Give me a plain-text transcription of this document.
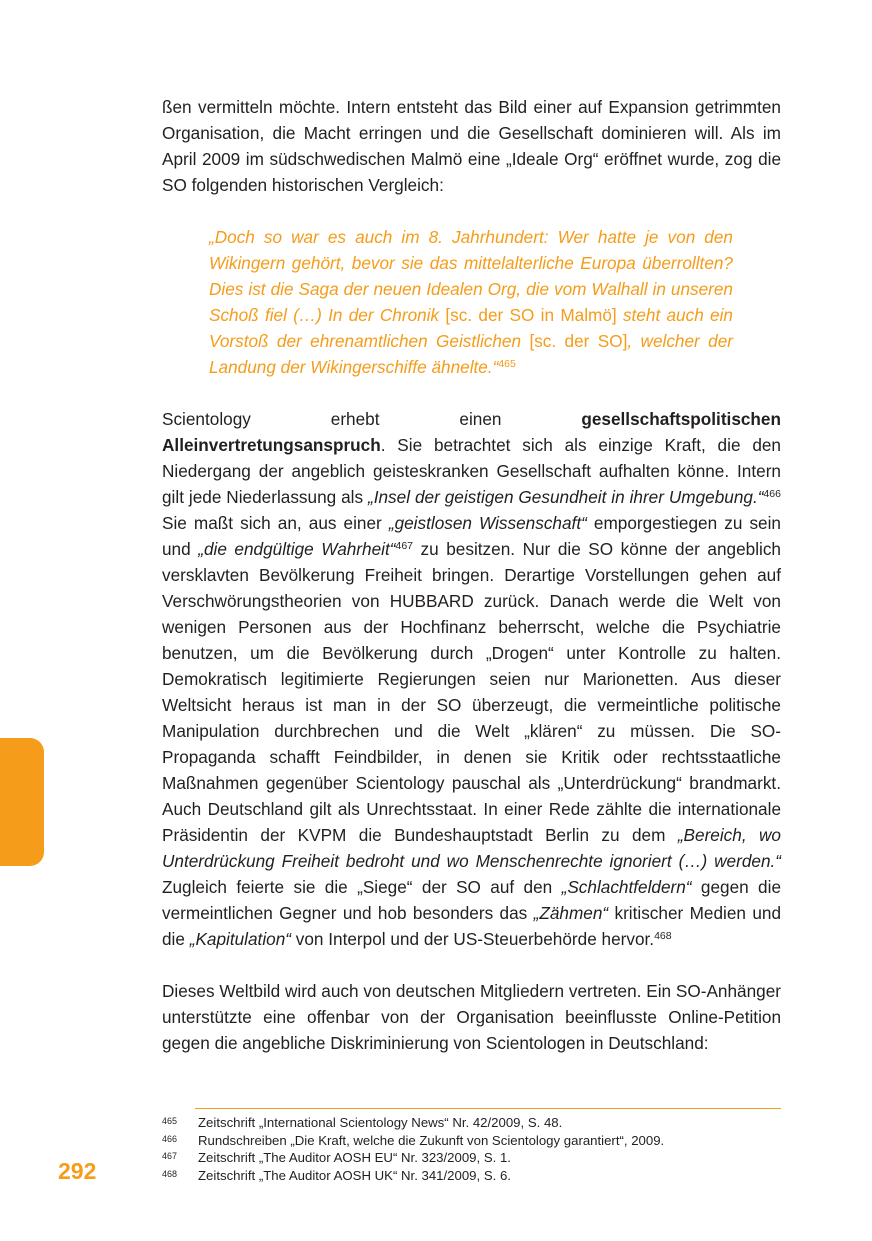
292

ßen vermitteln möchte. Intern entsteht das Bild einer auf Expansion getrimmten Organisation, die Macht erringen und die Gesellschaft dominieren will. Als im April 2009 im südschwedischen Malmö eine „Ideale Org“ eröffnet wurde, zog die SO folgenden historischen Vergleich:

„Doch so war es auch im 8. Jahrhundert: Wer hatte je von den Wikingern gehört, bevor sie das mittelalterliche Europa überrollten? Dies ist die Saga der neuen Idealen Org, die vom Walhall in unseren Schoß fiel (…) In der Chronik [sc. der SO in Malmö] steht auch ein Vorstoß der ehrenamtlichen Geistlichen [sc. der SO], welcher der Landung der Wikingerschiffe ähnelte.“$^{465}$

Scientology erhebt einen gesellschaftspolitischen Alleinvertretungsanspruch. Sie betrachtet sich als einzige Kraft, die den Niedergang der angeblich geisteskranken Gesellschaft aufhalten könne. Intern gilt jede Niederlassung als „Insel der geistigen Gesundheit in ihrer Umgebung.“$^{466}$ Sie maßt sich an, aus einer „geistlosen Wissenschaft“ emporgestiegen zu sein und „die endgültige Wahrheit“$^{467}$ zu besitzen. Nur die SO könne der angeblich versklavten Bevölkerung Freiheit bringen. Derartige Vorstellungen gehen auf Verschwörungstheorien von HUBBARD zurück. Danach werde die Welt von wenigen Personen aus der Hochfinanz beherrscht, welche die Psychiatrie benutzen, um die Bevölkerung durch „Drogen“ unter Kontrolle zu halten. Demokratisch legitimierte Regierungen seien nur Marionetten. Aus dieser Weltsicht heraus ist man in der SO überzeugt, die vermeintliche politische Manipulation durchbrechen und die Welt „klären“ zu müssen. Die SO-Propaganda schafft Feindbilder, in denen sie Kritik oder rechtsstaatliche Maßnahmen gegenüber Scientology pauschal als „Unterdrückung“ brandmarkt. Auch Deutschland gilt als Unrechtsstaat. In einer Rede zählte die internationale Präsidentin der KVPM die Bundeshauptstadt Berlin zu dem „Bereich, wo Unterdrückung Freiheit bedroht und wo Menschenrechte ignoriert (…) werden.“ Zugleich feierte sie die „Siege“ der SO auf den „Schlachtfeldern“ gegen die vermeintlichen Gegner und hob besonders das „Zähmen“ kritischer Medien und die „Kapitulation“ von Interpol und der US-Steuerbehörde hervor.$^{468}$

Dieses Weltbild wird auch von deutschen Mitgliedern vertreten. Ein SO-Anhänger unterstützte eine offenbar von der Organisation beeinflusste Online-Petition gegen die angebliche Diskriminierung von Scientologen in Deutschland:

465	Zeitschrift „International Scientology News“ Nr. 42/2009, S. 48.
466	Rundschreiben „Die Kraft, welche die Zukunft von Scientology garantiert“, 2009.
467	Zeitschrift „The Auditor AOSH EU“ Nr. 323/2009, S. 1.
468	Zeitschrift „The Auditor AOSH UK“ Nr. 341/2009, S. 6.
